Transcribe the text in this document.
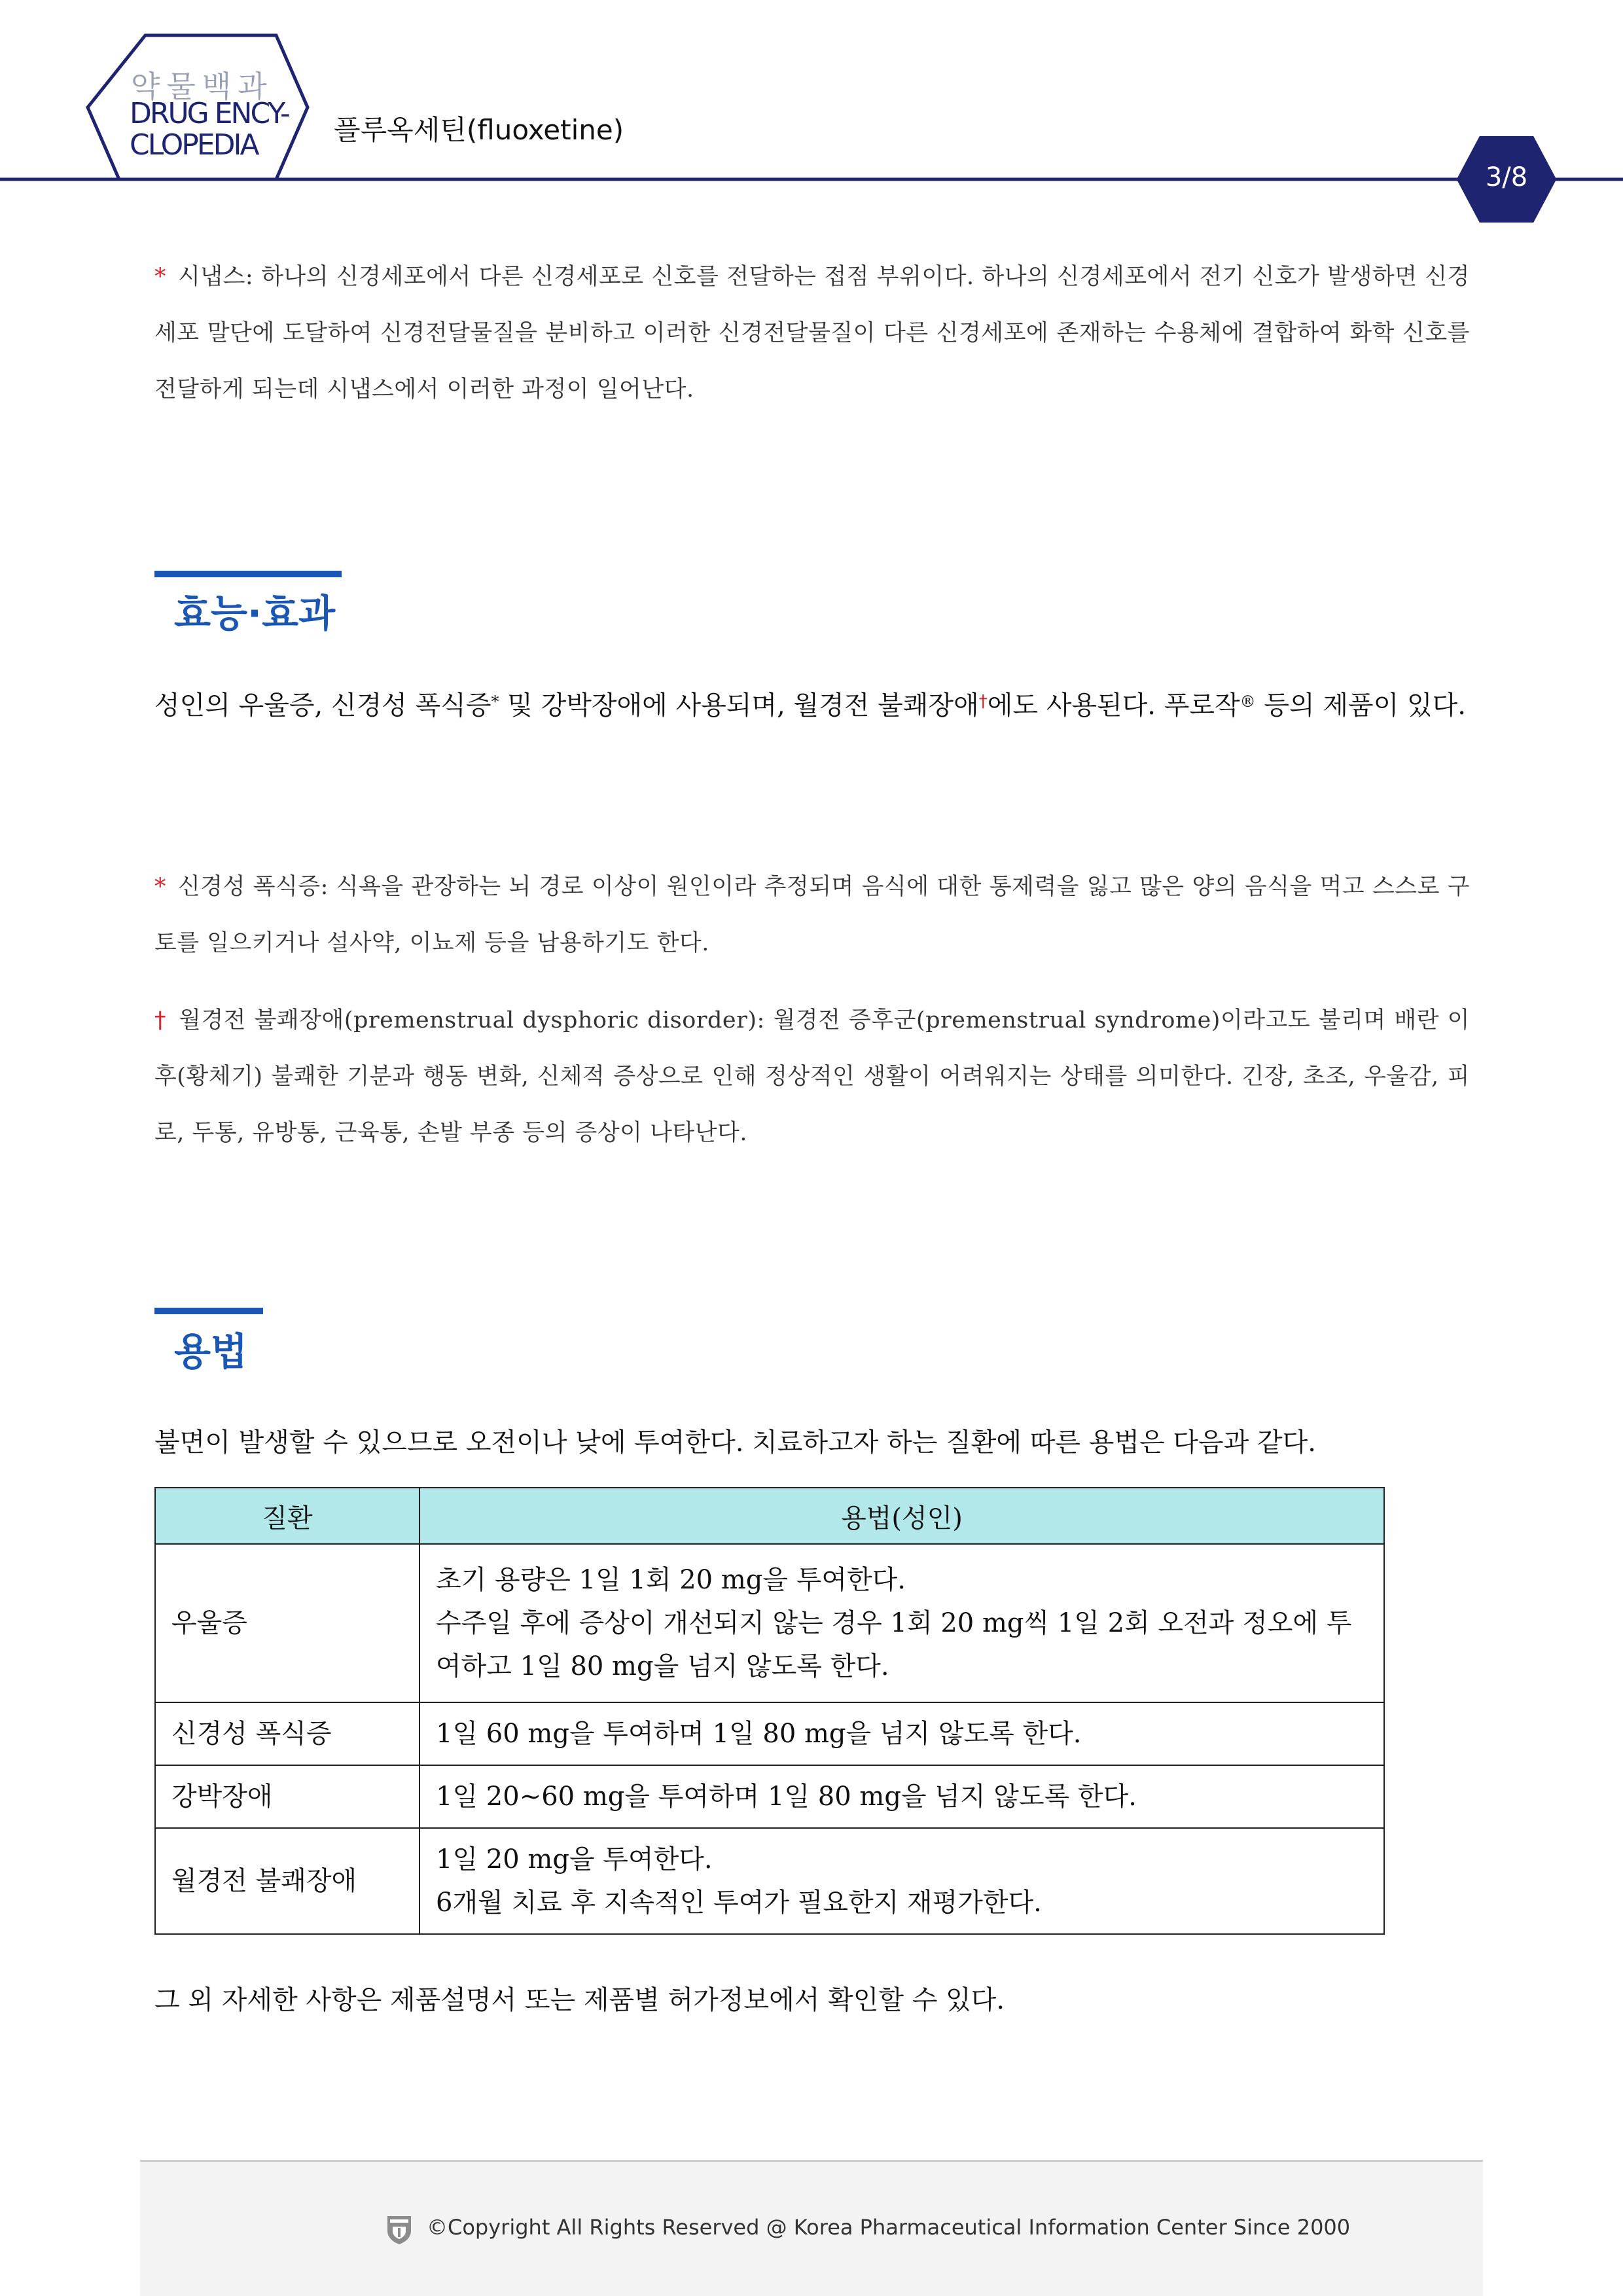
약물백과
DRUG ENCY-
CLOPEDIA	플루옥세틴(fluoxetine)
3/8
* 시냅스: 하나의 신경세포에서 다른 신경세포로 신호를 전달하는 접점 부위이다. 하나의 신경세포에서 전기 신호가 발생하면 신경세포 말단에 도달하여 신경전달물질을 분비하고 이러한 신경전달물질이 다른 신경세포에 존재하는 수용체에 결합하여 화학 신호를 전달하게 되는데 시냅스에서 이러한 과정이 일어난다.
효능·효과
성인의 우울증, 신경성 폭식증* 및 강박장애에 사용되며, 월경전 불쾌장애†에도 사용된다. 푸로작® 등의 제품이 있다.
* 신경성 폭식증: 식욕을 관장하는 뇌 경로 이상이 원인이라 추정되며 음식에 대한 통제력을 잃고 많은 양의 음식을 먹고 스스로 구토를 일으키거나 설사약, 이뇨제 등을 남용하기도 한다.
† 월경전 불쾌장애(premenstrual dysphoric disorder): 월경전 증후군(premenstrual syndrome)이라고도 불리며 배란 이후(황체기) 불쾌한 기분과 행동 변화, 신체적 증상으로 인해 정상적인 생활이 어려워지는 상태를 의미한다. 긴장, 초조, 우울감, 피로, 두통, 유방통, 근육통, 손발 부종 등의 증상이 나타난다.
용법
불면이 발생할 수 있으므로 오전이나 낮에 투여한다. 치료하고자 하는 질환에 따른 용법은 다음과 같다.
질환	용법(성인)
우울증	초기 용량은 1일 1회 20 mg을 투여한다.
수주일 후에 증상이 개선되지 않는 경우 1회 20 mg씩 1일 2회 오전과 정오에 투여하고 1일 80 mg을 넘지 않도록 한다.

신경성 폭식증	1일 60 mg을 투여하며 1일 80 mg을 넘지 않도록 한다.

강박장애	1일 20~60 mg을 투여하며 1일 80 mg을 넘지 않도록 한다.

월경전 불쾌장애	1일 20 mg을 투여한다.
6개월 치료 후 지속적인 투여가 필요한지 재평가한다.
그 외 자세한 사항은 제품설명서 또는 제품별 허가정보에서 확인할 수 있다.
©Copyright All Rights Reserved @ Korea Pharmaceutical Information Center Since 2000
